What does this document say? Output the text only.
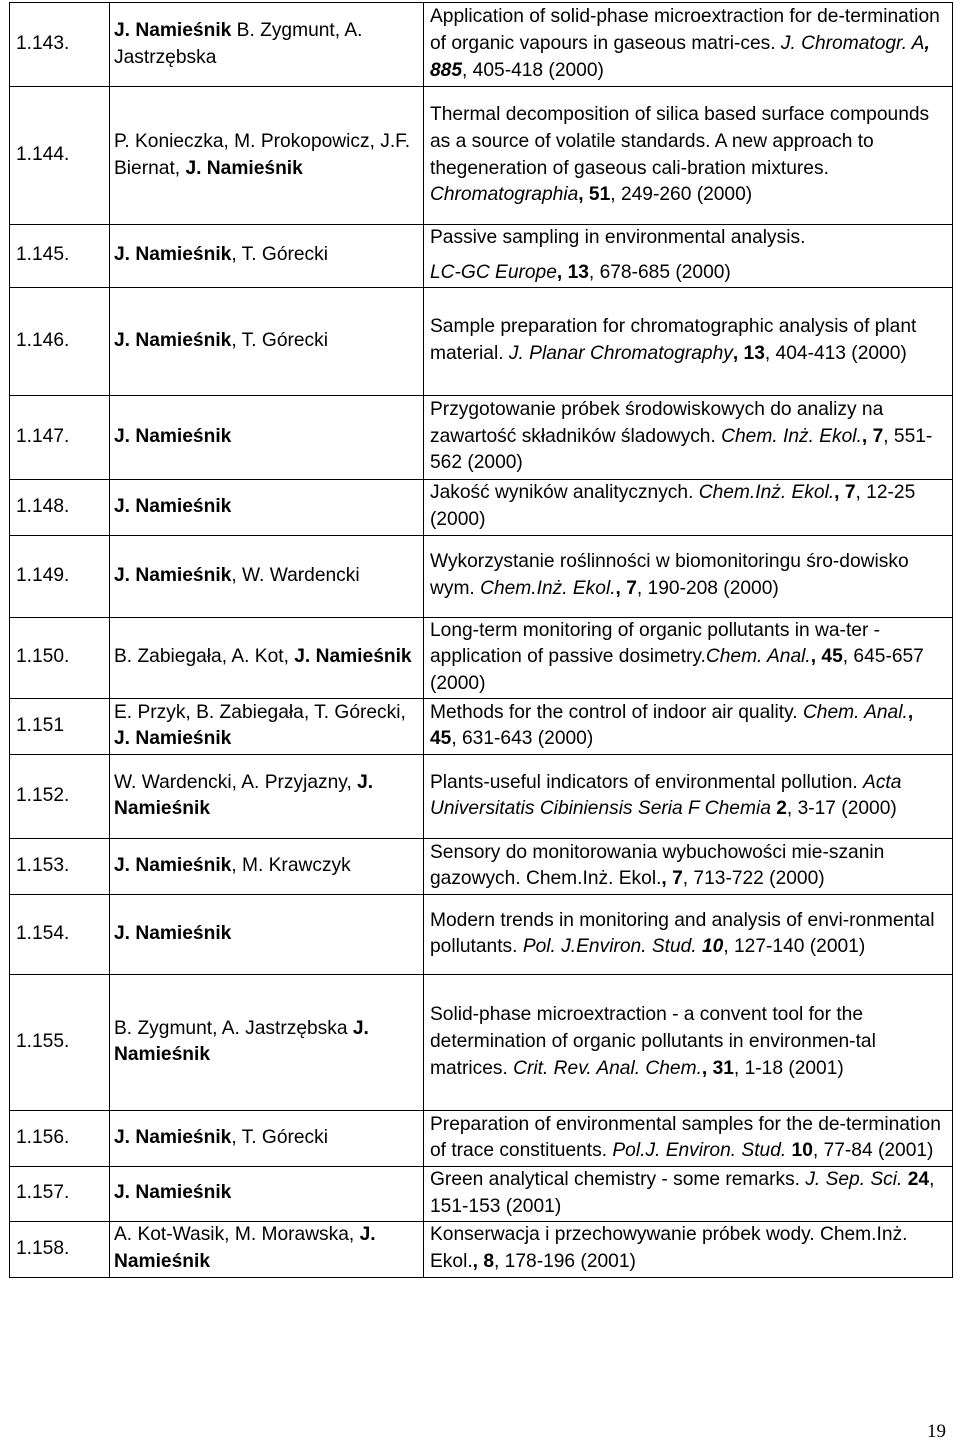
1.143.	J. Namieśnik B. Zygmunt, A. Jastrzębska	Application of solid-phase microextraction for de-termination of organic vapours in gaseous matri-ces. J. Chromatogr. A, 885, 405-418 (2000)
1.144.	P. Konieczka, M. Prokopowicz, J.F. Biernat, J. Namieśnik	Thermal decomposition of silica based surface compounds as a source of volatile standards. A new approach to thegeneration of gaseous cali-bration mixtures. Chromatographia, 51, 249-260 (2000)
1.145.	J. Namieśnik, T. Górecki	Passive sampling in environmental analysis.
LC-GC Europe, 13, 678-685 (2000)
1.146.	J. Namieśnik, T. Górecki	Sample preparation for chromatographic analysis of plant material. J. Planar Chromatography, 13, 404-413 (2000)
1.147.	J. Namieśnik	Przygotowanie próbek środowiskowych do analizy na zawartość składników śladowych. Chem. Inż. Ekol., 7, 551-562 (2000)
1.148.	J. Namieśnik	Jakość wyników analitycznych. Chem.Inż. Ekol., 7, 12-25 (2000)
1.149.	J. Namieśnik, W. Wardencki	Wykorzystanie roślinności w biomonitoringu śro-dowisko wym. Chem.Inż. Ekol., 7, 190-208 (2000)
1.150.	B. Zabiegała, A. Kot, J. Namieśnik	Long-term monitoring of organic pollutants in wa-ter - application of passive dosimetry.Chem. Anal., 45, 645-657 (2000)
1.151	E. Przyk, B. Zabiegała, T. Górecki, J. Namieśnik	Methods for the control of indoor air quality. Chem. Anal., 45, 631-643 (2000)
1.152.	W. Wardencki, A. Przyjazny, J. Namieśnik	Plants-useful indicators of environmental pollution. Acta Universitatis Cibiniensis Seria F Chemia 2, 3-17 (2000)
1.153.	J. Namieśnik, M. Krawczyk	Sensory do monitorowania wybuchowości mie-szanin gazowych. Chem.Inż. Ekol., 7, 713-722 (2000)
1.154.	J. Namieśnik	Modern trends in monitoring and analysis of envi-ronmental pollutants. Pol. J.Environ. Stud. 10, 127-140 (2001)
1.155.	B. Zygmunt, A. Jastrzębska J. Namieśnik	Solid-phase microextraction - a convent tool for the determination of organic pollutants in environmen-tal matrices. Crit. Rev. Anal. Chem., 31, 1-18 (2001)
1.156.	J. Namieśnik, T. Górecki	Preparation of environmental samples for the de-termination of trace constituents. Pol.J. Environ. Stud. 10, 77-84 (2001)
1.157.	J. Namieśnik	Green analytical chemistry - some remarks. J. Sep. Sci. 24, 151-153 (2001)
1.158.	A. Kot-Wasik, M. Morawska, J. Namieśnik	Konserwacja i przechowywanie próbek wody. Chem.Inż. Ekol., 8, 178-196 (2001)
19
